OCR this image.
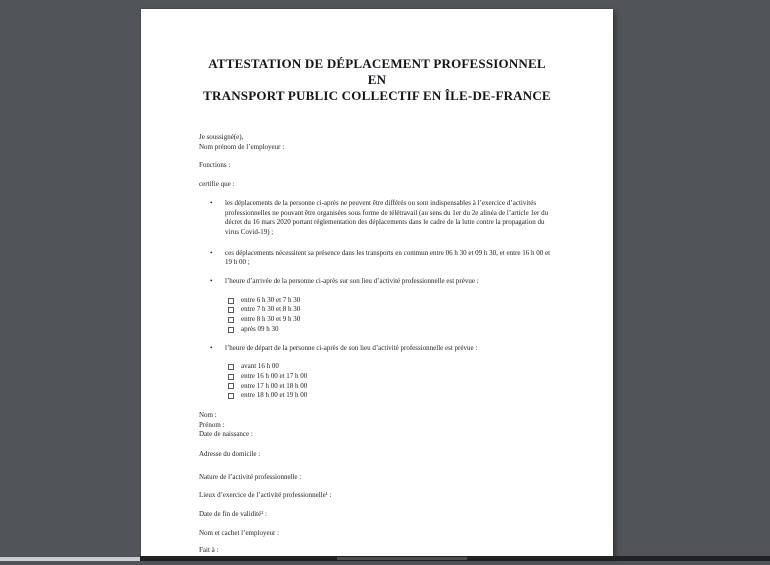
ATTESTATION DE DÉPLACEMENT PROFESSIONNEL EN
TRANSPORT PUBLIC COLLECTIF EN ÎLE-DE-FRANCE
Je soussigné(e),
Nom prénom de l’employeur :
Fonctions :
certifie que :
•	les déplacements de la personne ci-après ne peuvent être différés ou sont indispensables à l’exercice d’activités professionnelles ne pouvant être organisées sous forme de télétravail (au sens du 1er du 2e alinéa de l’article 1er du décret du 16 mars 2020 portant réglementation des déplacements dans le cadre de la lutte contre la propagation du virus Covid-19) ;
•	ces déplacements nécessitent sa présence dans les transports en commun entre 06 h 30 et 09 h 30, et entre 16 h 00 et 19 h 00 ;
•	l’heure d’arrivée de la personne ci-après sur son lieu d’activité professionnelle est prévue :
entre 6 h 30 et 7 h 30
entre 7 h 30 et 8 h 30
entre 8 h 30 et 9 h 30
après 09 h 30
•	l’heure de départ de la personne ci-après de son lieu d’activité professionnelle est prévue :
avant 16 h 00
entre 16 h 00 et 17 h 00
entre 17 h 00 et 18 h 00
entre 18 h 00 et 19 h 00
Nom :
Prénom :
Date de naissance :
Adresse du domicile :
Nature de l’activité professionnelle :
Lieux d’exercice de l’activité professionnelle¹ :
Date de fin de validité² :
Nom et cachet l’employeur :
Fait à :
